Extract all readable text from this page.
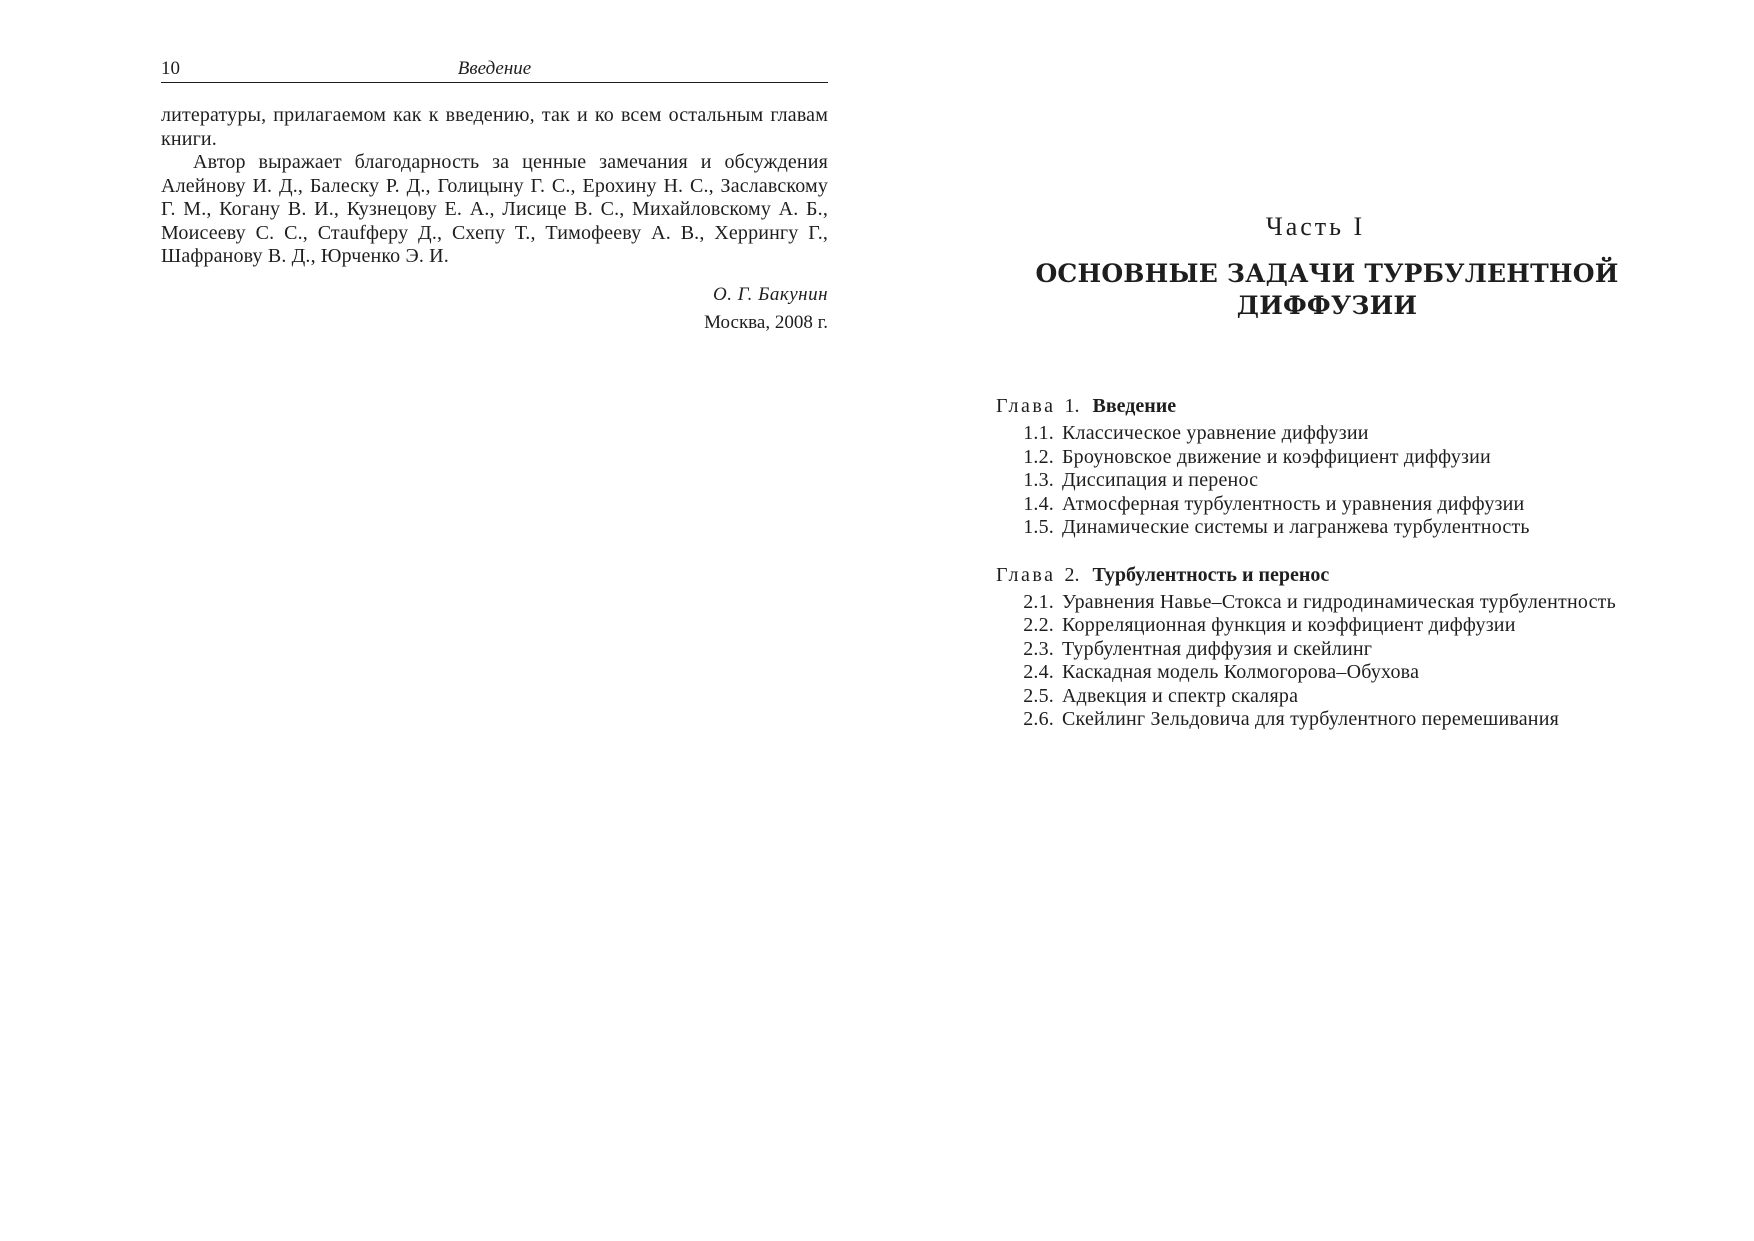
10	Введение

литературы, прилагаемом как к введению, так и ко всем остальным главам книги.

Автор выражает благодарность за ценные замечания и обсуждения Алейнову И. Д., Балеску Р. Д., Голицыну Г. С., Ерохину Н. С., Заславскому Г. М., Когану В. И., Кузнецову Е. А., Лисице В. С., Михайловскому А. Б., Моисееву С. С., Стаufферу Д., Схепу Т., Тимофееву А. В., Херрингу Г., Шафранову В. Д., Юрченко Э. И.

О. Г. Бакунин
Москва, 2008 г.
Часть I
ОСНОВНЫЕ ЗАДАЧИ ТУРБУЛЕНТНОЙ ДИФФУЗИИ
Глава 1. Введение
1.1. Классическое уравнение диффузии
1.2. Броуновское движение и коэффициент диффузии
1.3. Диссипация и перенос
1.4. Атмосферная турбулентность и уравнения диффузии
1.5. Динамические системы и лагранжева турбулентность
Глава 2. Турбулентность и перенос
2.1. Уравнения Навье–Стокса и гидродинамическая турбулентность
2.2. Корреляционная функция и коэффициент диффузии
2.3. Турбулентная диффузия и скейлинг
2.4. Каскадная модель Колмогорова–Обухова
2.5. Адвекция и спектр скаляра
2.6. Скейлинг Зельдовича для турбулентного перемешивания
